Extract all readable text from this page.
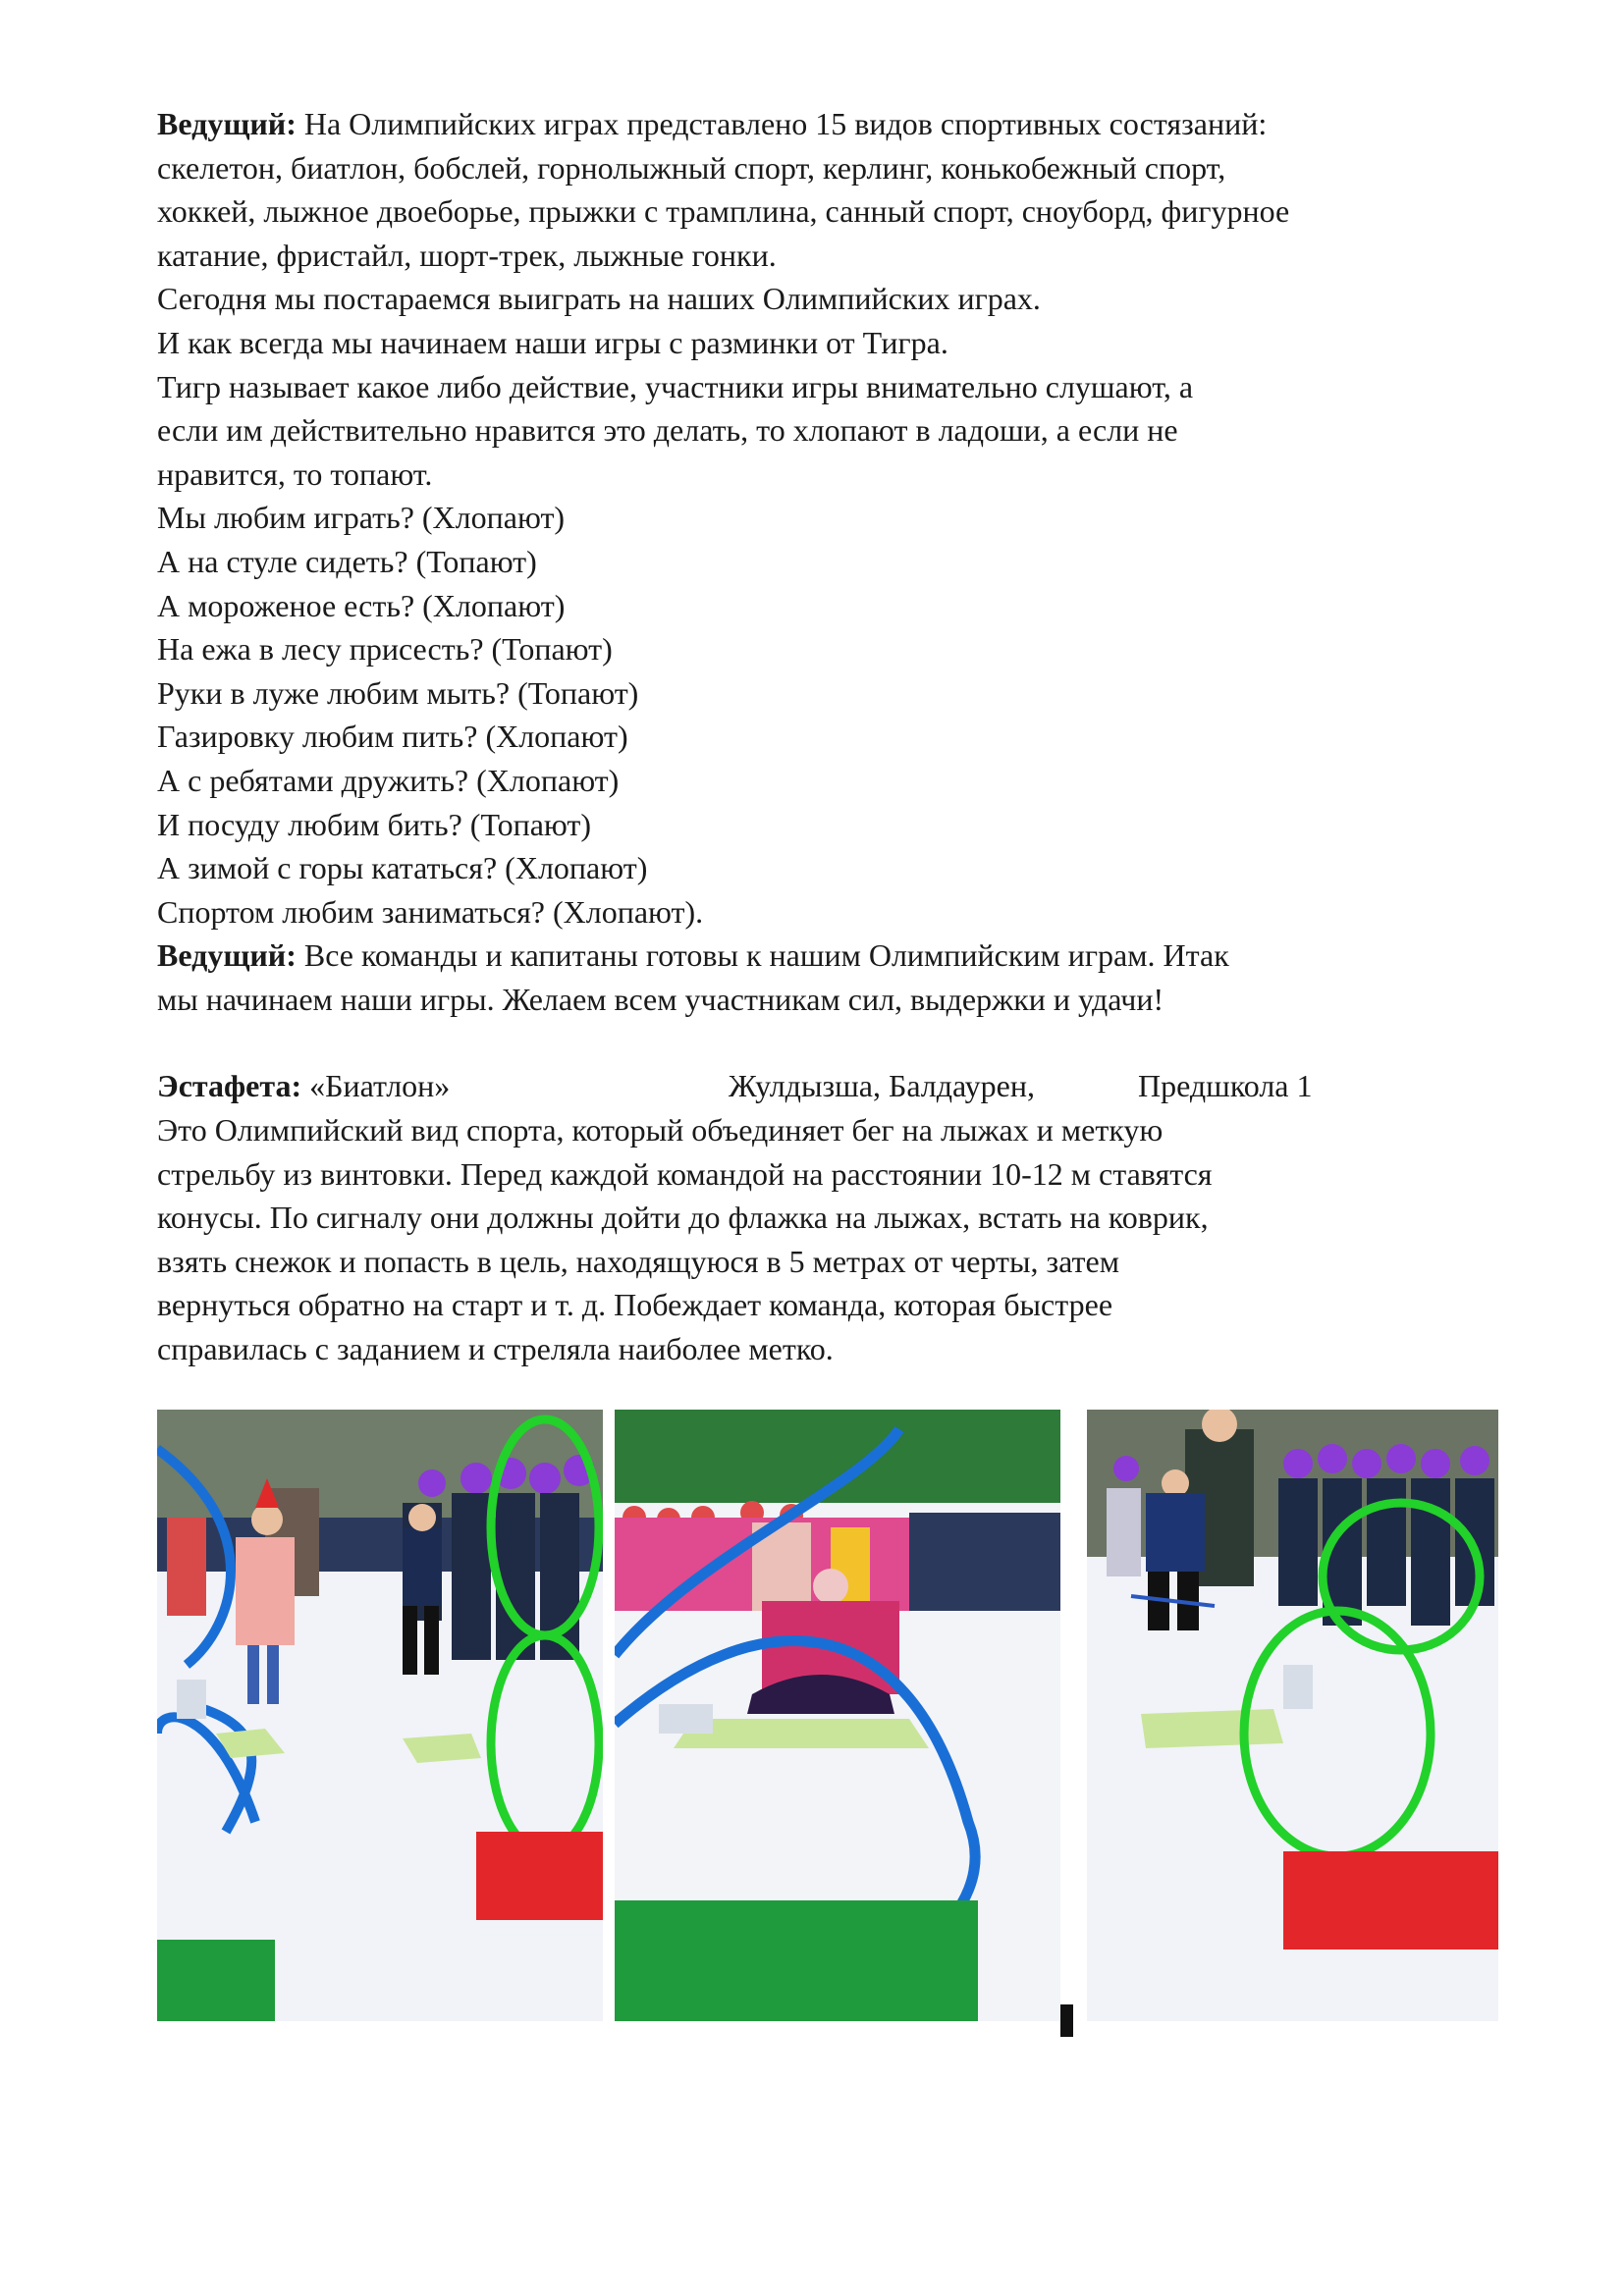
Ведущий: На Олимпийских играх представлено 15 видов спортивных состязаний:
скелетон, биатлон, бобслей, горнолыжный спорт, керлинг, конькобежный спорт,
хоккей, лыжное двоеборье, прыжки с трамплина, санный спорт, сноуборд, фигурное
катание, фристайл, шорт-трек, лыжные гонки.
Сегодня мы постараемся выиграть на наших Олимпийских играх.
И как всегда мы начинаем наши игры с разминки от Тигра.
Тигр называет какое либо действие, участники игры внимательно слушают, а
если им действительно нравится это делать, то хлопают в ладоши, а если не
нравится, то топают.
Мы любим играть? (Хлопают)
А на стуле сидеть? (Топают)
А мороженое есть? (Хлопают)
На ежа в лесу присесть? (Топают)
Руки в луже любим мыть? (Топают)
Газировку любим пить? (Хлопают)
А с ребятами дружить? (Хлопают)
И посуду любим бить? (Топают)
А зимой с горы кататься? (Хлопают)
Спортом любим заниматься? (Хлопают).
Ведущий: Все команды и капитаны готовы к нашим Олимпийским играм. Итак
мы начинаем наши игры. Желаем всем участникам сил, выдержки и удачи!
Эстафета: «Биатлон»	Жулдызша, Балдаурен,	Предшкола 1
Это Олимпийский вид спорта, который объединяет бег на лыжах и меткую
стрельбу из винтовки. Перед каждой командой на расстоянии 10-12 м ставятся
конусы. По сигналу они должны дойти до флажка на лыжах, встать на коврик,
взять снежок и попасть в цель, находящуюся в 5 метрах от черты, затем
вернуться обратно на старт и т. д. Побеждает команда, которая быстрее
справилась с заданием и стреляла наиболее метко.
